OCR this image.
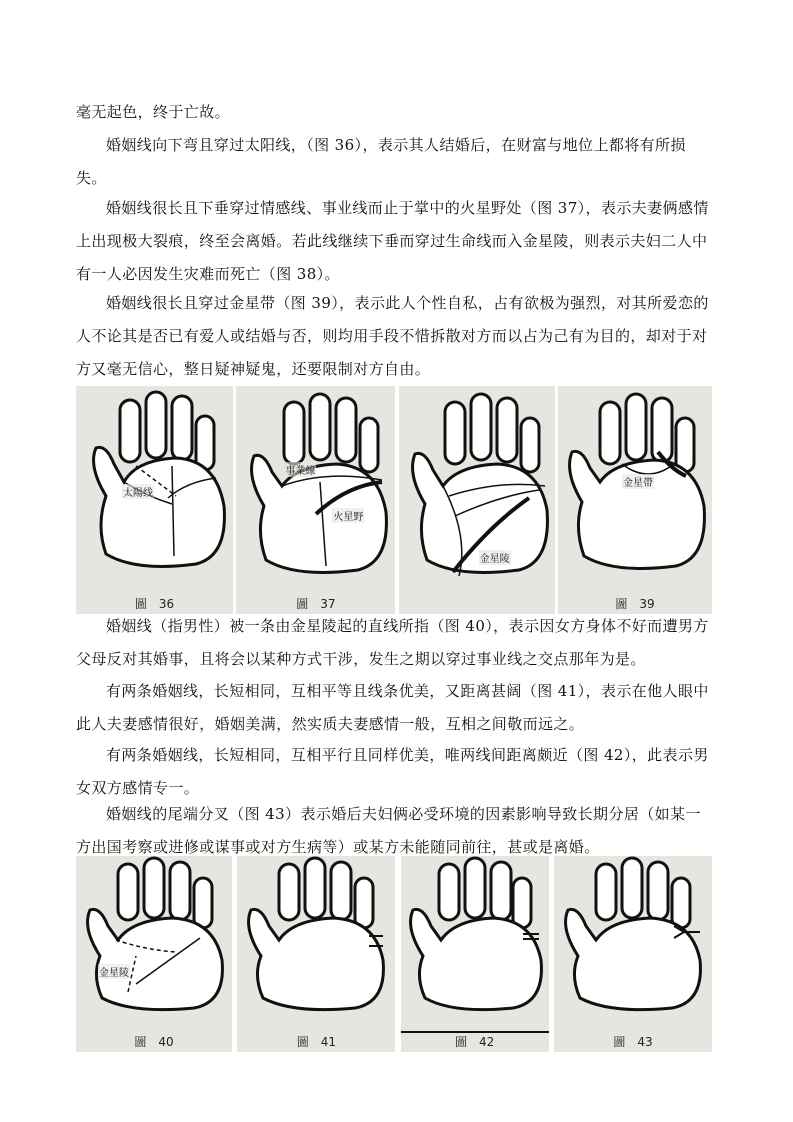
毫无起色，终于亡故。

婚姻线向下弯且穿过太阳线，（图 36），表示其人结婚后，在财富与地位上都将有所损失。

婚姻线很长且下垂穿过情感线、事业线而止于掌中的火星野处（图 37），表示夫妻俩感情上出现极大裂痕，终至会离婚。若此线继续下垂而穿过生命线而入金星陵，则表示夫妇二人中有一人必因发生灾难而死亡（图 38）。

婚姻线很长且穿过金星带（图 39），表示此人个性自私，占有欲极为强烈，对其所爱恋的人不论其是否已有爱人或结婚与否，则均用手段不惜拆散对方而以占为己有为目的，却对于对方又毫无信心，整日疑神疑鬼，还要限制对方自由。

太陽线
圖　36
事業線
火星野
圖　37
金星陵
金星帶
圖　39

婚姻线（指男性）被一条由金星陵起的直线所指（图 40），表示因女方身体不好而遭男方父母反对其婚事，且将会以某种方式干涉，发生之期以穿过事业线之交点那年为是。

有两条婚姻线，长短相同，互相平等且线条优美，又距离甚阔（图 41），表示在他人眼中此人夫妻感情很好，婚姻美满，然实质夫妻感情一般，互相之间敬而远之。

有两条婚姻线，长短相同，互相平行且同样优美，唯两线间距离颇近（图 42），此表示男女双方感情专一。

婚姻线的尾端分叉（图 43）表示婚后夫妇俩必受环境的因素影响导致长期分居（如某一方出国考察或进修或谋事或对方生病等）或某方未能随同前往，甚或是离婚。

金星陵
圖　40	圖　41	圖　42	圖　43
